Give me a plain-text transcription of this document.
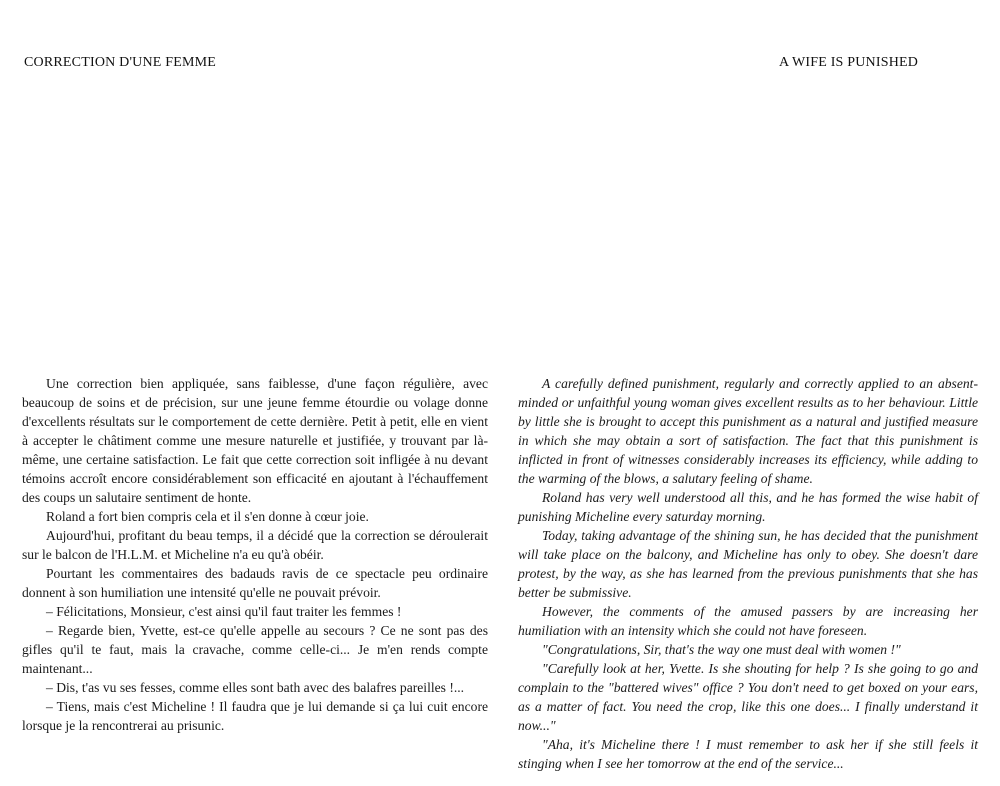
CORRECTION D'UNE FEMME	A WIFE IS PUNISHED

Une correction bien appliquée, sans faiblesse, d'une façon régulière, avec beaucoup de soins et de précision, sur une jeune femme étourdie ou volage donne d'excellents résultats sur le comportement de cette dernière. Petit à petit, elle en vient à accepter le châtiment comme une mesure naturelle et justifiée, y trouvant par là-même, une certaine satisfaction. Le fait que cette correction soit infligée à nu devant témoins accroît encore considérablement son efficacité en ajoutant à l'échauffement des coups un salutaire sentiment de honte.

Roland a fort bien compris cela et il s'en donne à cœur joie.

Aujourd'hui, profitant du beau temps, il a décidé que la correction se déroulerait sur le balcon de l'H.L.M. et Micheline n'a eu qu'à obéir.

Pourtant les commentaires des badauds ravis de ce spectacle peu ordinaire donnent à son humiliation une intensité qu'elle ne pouvait prévoir.

– Félicitations, Monsieur, c'est ainsi qu'il faut traiter les femmes !

– Regarde bien, Yvette, est-ce qu'elle appelle au secours ? Ce ne sont pas des gifles qu'il te faut, mais la cravache, comme celle-ci... Je m'en rends compte maintenant...

– Dis, t'as vu ses fesses, comme elles sont bath avec des balafres pareilles !...

– Tiens, mais c'est Micheline ! Il faudra que je lui demande si ça lui cuit encore lorsque je la rencontrerai au prisunic.

A carefully defined punishment, regularly and correctly applied to an absent-minded or unfaithful young woman gives excellent results as to her behaviour. Little by little she is brought to accept this punishment as a natural and justified measure in which she may obtain a sort of satisfaction. The fact that this punishment is inflicted in front of witnesses considerably increases its efficiency, while adding to the warming of the blows, a salutary feeling of shame.

Roland has very well understood all this, and he has formed the wise habit of punishing Micheline every saturday morning.

Today, taking advantage of the shining sun, he has decided that the punishment will take place on the balcony, and Micheline has only to obey. She doesn't dare protest, by the way, as she has learned from the previous punishments that she has better be submissive.

However, the comments of the amused passers by are increasing her humiliation with an intensity which she could not have foreseen.

"Congratulations, Sir, that's the way one must deal with women !"

"Carefully look at her, Yvette. Is she shouting for help ? Is she going to go and complain to the "battered wives" office ? You don't need to get boxed on your ears, as a matter of fact. You need the crop, like this one does... I finally understand it now..."

"Aha, it's Micheline there ! I must remember to ask her if she still feels it stinging when I see her tomorrow at the end of the service...
